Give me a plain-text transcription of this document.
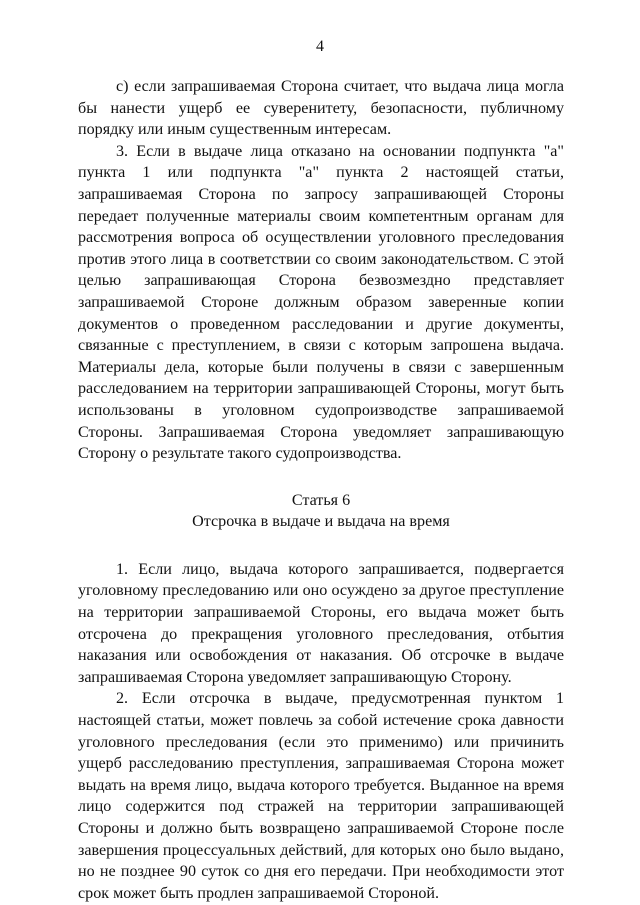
4

с) если запрашиваемая Сторона считает, что выдача лица могла бы нанести ущерб ее суверенитету, безопасности, публичному порядку или иным существенным интересам.

3. Если в выдаче лица отказано на основании подпункта "а" пункта 1 или подпункта "а" пункта 2 настоящей статьи, запрашиваемая Сторона по запросу запрашивающей Стороны передает полученные материалы своим компетентным органам для рассмотрения вопроса об осуществлении уголовного преследования против этого лица в соответствии со своим законодательством. С этой целью запрашивающая Сторона безвозмездно представляет запрашиваемой Стороне должным образом заверенные копии документов о проведенном расследовании и другие документы, связанные с преступлением, в связи с которым запрошена выдача. Материалы дела, которые были получены в связи с завершенным расследованием на территории запрашивающей Стороны, могут быть использованы в уголовном судопроизводстве запрашиваемой Стороны. Запрашиваемая Сторона уведомляет запрашивающую Сторону о результате такого судопроизводства.

Статья 6
Отсрочка в выдаче и выдача на время

1. Если лицо, выдача которого запрашивается, подвергается уголовному преследованию или оно осуждено за другое преступление на территории запрашиваемой Стороны, его выдача может быть отсрочена до прекращения уголовного преследования, отбытия наказания или освобождения от наказания. Об отсрочке в выдаче запрашиваемая Сторона уведомляет запрашивающую Сторону.

2. Если отсрочка в выдаче, предусмотренная пунктом 1 настоящей статьи, может повлечь за собой истечение срока давности уголовного преследования (если это применимо) или причинить ущерб расследованию преступления, запрашиваемая Сторона может выдать на время лицо, выдача которого требуется. Выданное на время лицо содержится под стражей на территории запрашивающей Стороны и должно быть возвращено запрашиваемой Стороне после завершения процессуальных действий, для которых оно было выдано, но не позднее 90 суток со дня его передачи. При необходимости этот срок может быть продлен запрашиваемой Стороной.
